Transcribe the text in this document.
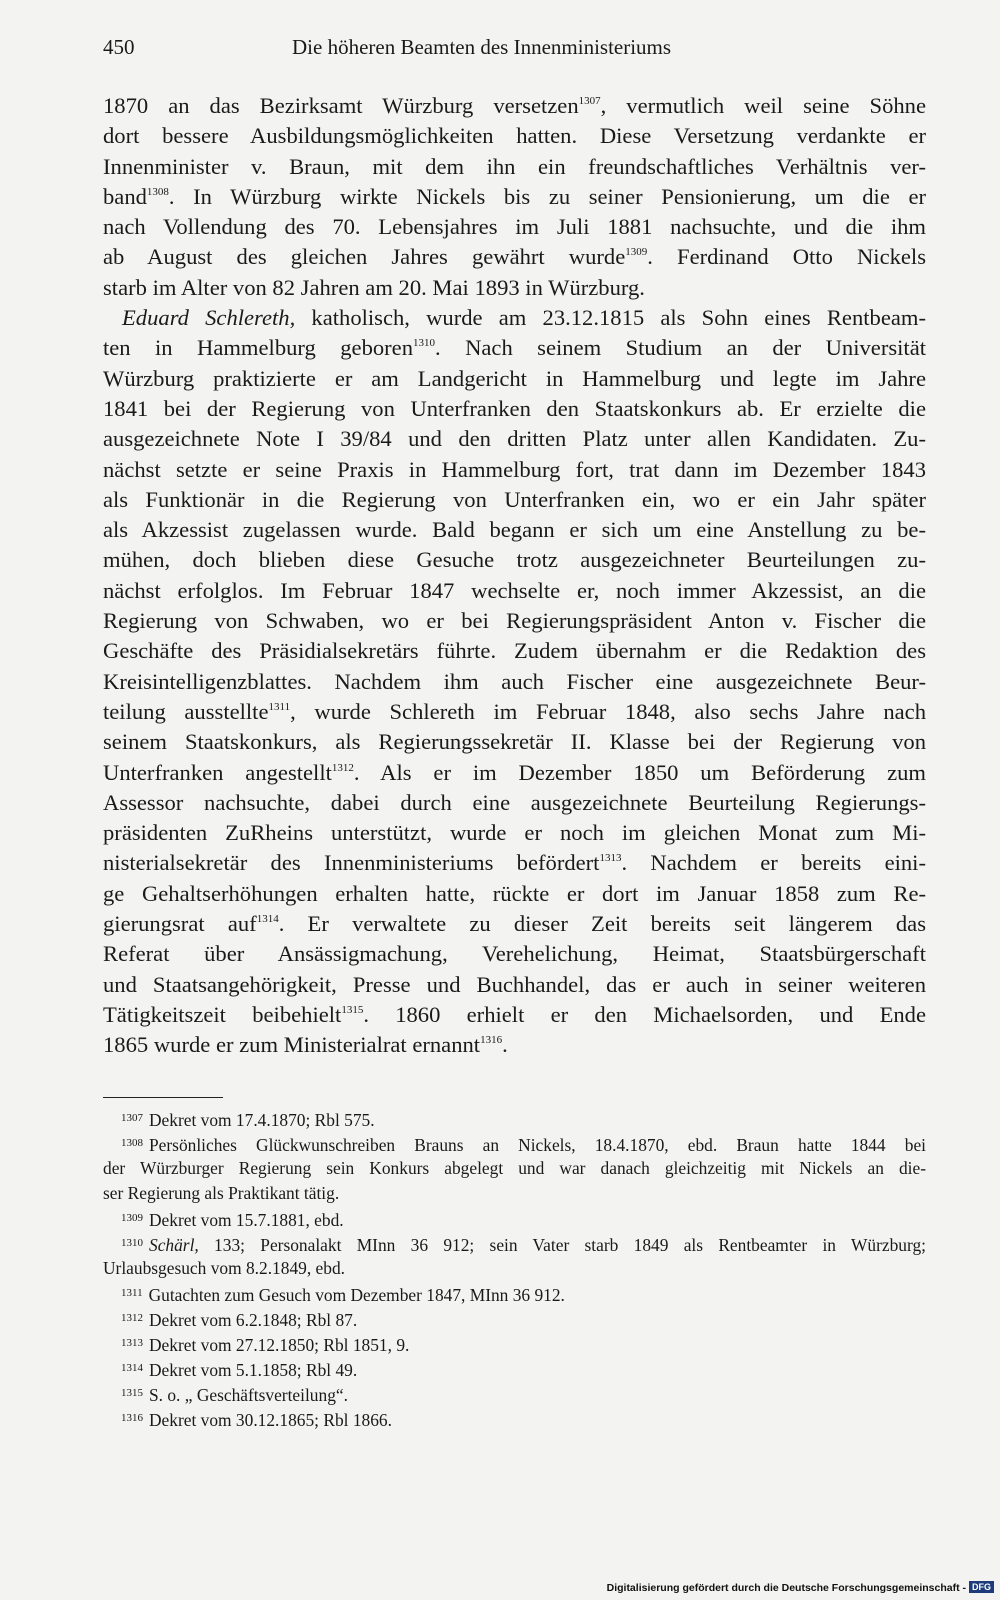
450	Die höheren Beamten des Innenministeriums
1870 an das Bezirksamt Würzburg versetzen$^{1307}$, vermutlich weil seine Söhne
dort bessere Ausbildungsmöglichkeiten hatten. Diese Versetzung verdankte er
Innenminister v. Braun, mit dem ihn ein freundschaftliches Verhältnis ver-
band$^{1308}$. In Würzburg wirkte Nickels bis zu seiner Pensionierung, um die er
nach Vollendung des 70. Lebensjahres im Juli 1881 nachsuchte, und die ihm
ab August des gleichen Jahres gewährt wurde$^{1309}$. Ferdinand Otto Nickels
starb im Alter von 82 Jahren am 20. Mai 1893 in Würzburg.
Eduard Schlereth, katholisch, wurde am 23.12.1815 als Sohn eines Rentbeam-
ten in Hammelburg geboren$^{1310}$. Nach seinem Studium an der Universität
Würzburg praktizierte er am Landgericht in Hammelburg und legte im Jahre
1841 bei der Regierung von Unterfranken den Staatskonkurs ab. Er erzielte die
ausgezeichnete Note I 39/84 und den dritten Platz unter allen Kandidaten. Zu-
nächst setzte er seine Praxis in Hammelburg fort, trat dann im Dezember 1843
als Funktionär in die Regierung von Unterfranken ein, wo er ein Jahr später
als Akzessist zugelassen wurde. Bald begann er sich um eine Anstellung zu be-
mühen, doch blieben diese Gesuche trotz ausgezeichneter Beurteilungen zu-
nächst erfolglos. Im Februar 1847 wechselte er, noch immer Akzessist, an die
Regierung von Schwaben, wo er bei Regierungspräsident Anton v. Fischer die
Geschäfte des Präsidialsekretärs führte. Zudem übernahm er die Redaktion des
Kreisintelligenzblattes. Nachdem ihm auch Fischer eine ausgezeichnete Beur-
teilung ausstellte$^{1311}$, wurde Schlereth im Februar 1848, also sechs Jahre nach
seinem Staatskonkurs, als Regierungssekretär II. Klasse bei der Regierung von
Unterfranken angestellt$^{1312}$. Als er im Dezember 1850 um Beförderung zum
Assessor nachsuchte, dabei durch eine ausgezeichnete Beurteilung Regierungs-
präsidenten ZuRheins unterstützt, wurde er noch im gleichen Monat zum Mi-
nisterialsekretär des Innenministeriums befördert$^{1313}$. Nachdem er bereits eini-
ge Gehaltserhöhungen erhalten hatte, rückte er dort im Januar 1858 zum Re-
gierungsrat auf$^{1314}$. Er verwaltete zu dieser Zeit bereits seit längerem das
Referat über Ansässigmachung, Verehelichung, Heimat, Staatsbürgerschaft
und Staatsangehörigkeit, Presse und Buchhandel, das er auch in seiner weiteren
Tätigkeitszeit beibehielt$^{1315}$. 1860 erhielt er den Michaelsorden, und Ende
1865 wurde er zum Ministerialrat ernannt$^{1316}$.
$^{1307}$ Dekret vom 17.4.1870; Rbl 575.
$^{1308}$ Persönliches Glückwunschreiben Brauns an Nickels, 18.4.1870, ebd. Braun hatte 1844 bei
der Würzburger Regierung sein Konkurs abgelegt und war danach gleichzeitig mit Nickels an die-
ser Regierung als Praktikant tätig.
$^{1309}$ Dekret vom 15.7.1881, ebd.
$^{1310}$ Schärl, 133; Personalakt MInn 36 912; sein Vater starb 1849 als Rentbeamter in Würzburg;
Urlaubsgesuch vom 8.2.1849, ebd.
$^{1311}$ Gutachten zum Gesuch vom Dezember 1847, MInn 36 912.
$^{1312}$ Dekret vom 6.2.1848; Rbl 87.
$^{1313}$ Dekret vom 27.12.1850; Rbl 1851, 9.
$^{1314}$ Dekret vom 5.1.1858; Rbl 49.
$^{1315}$ S. o. „ Geschäftsverteilung“.
$^{1316}$ Dekret vom 30.12.1865; Rbl 1866.
Digitalisierung gefördert durch die Deutsche Forschungsgemeinschaft - DFG
